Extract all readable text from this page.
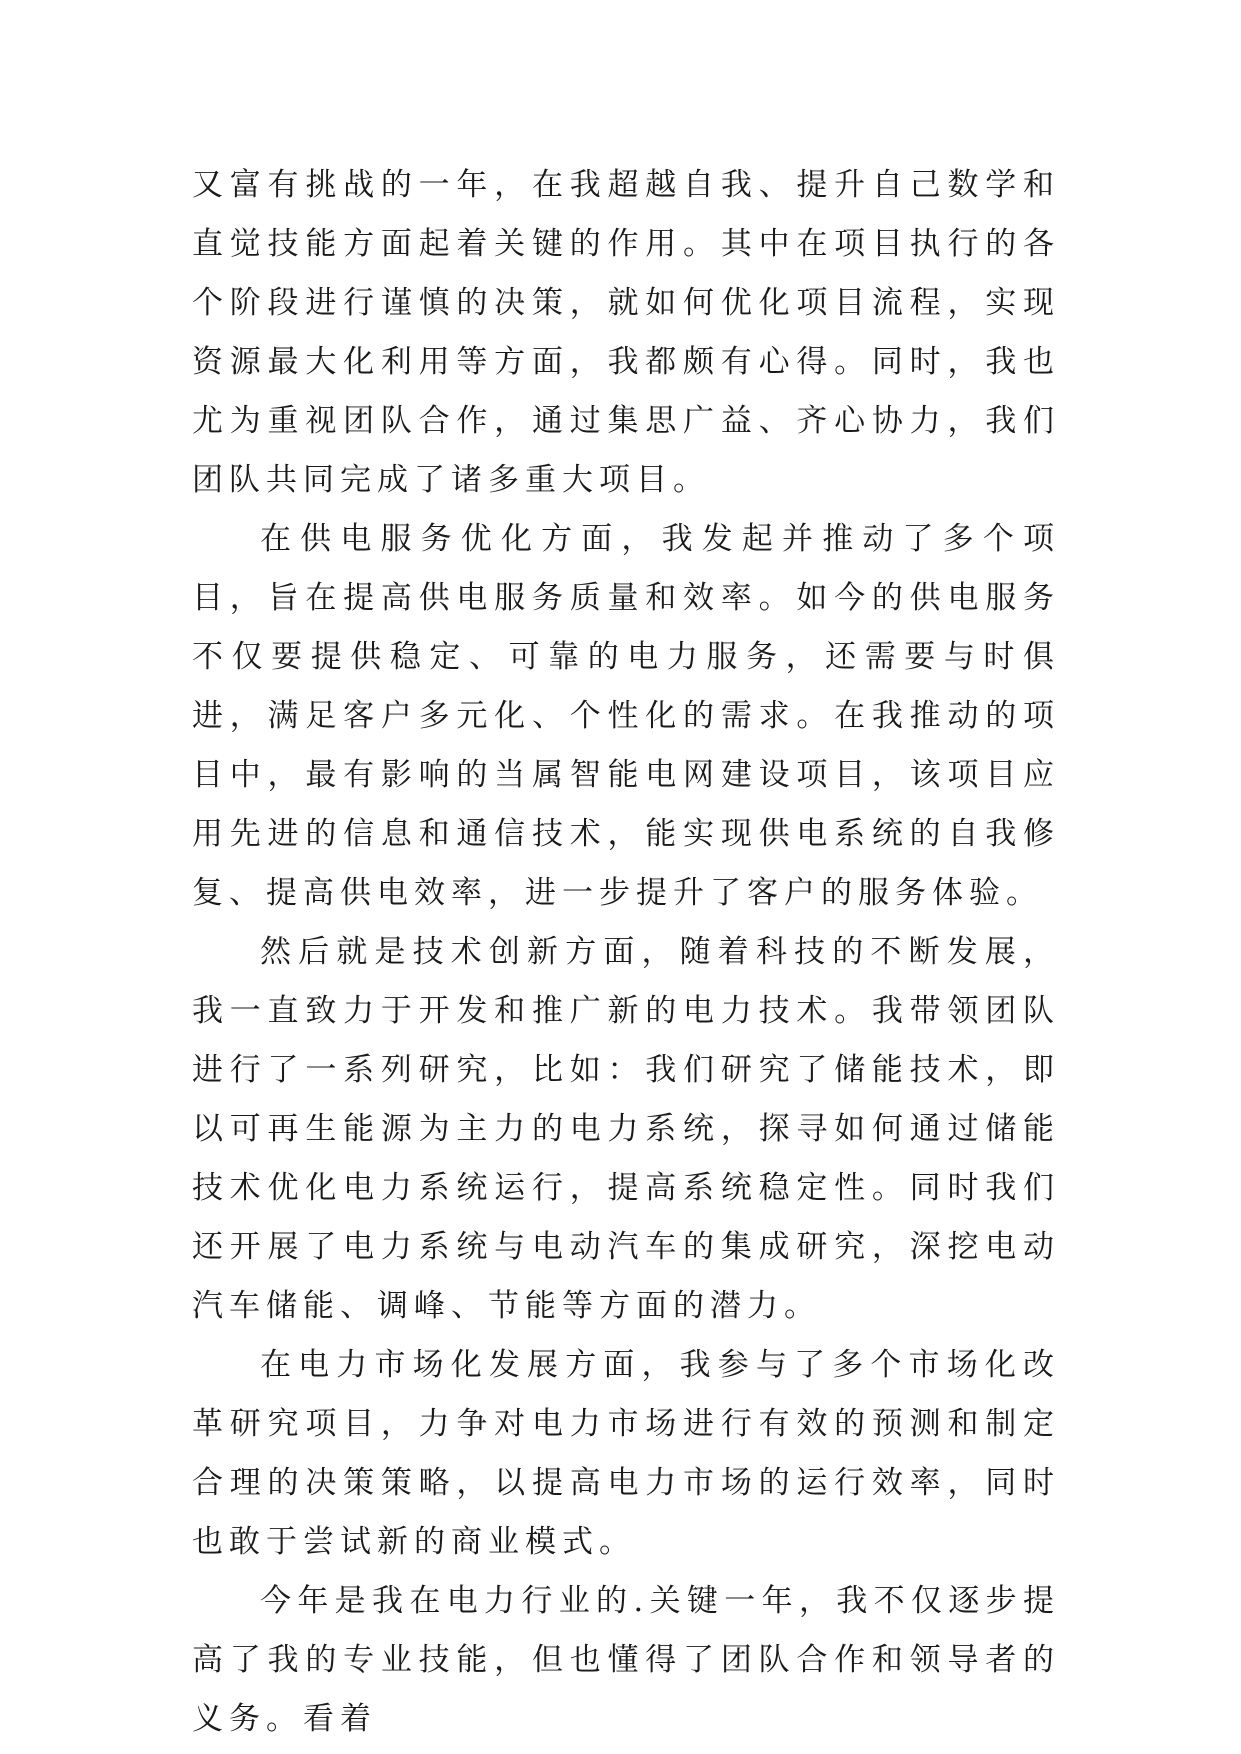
又富有挑战的一年，在我超越自我、提升自己数学和直觉技能方面起着关键的作用。其中在项目执行的各个阶段进行谨慎的决策，就如何优化项目流程，实现资源最大化利用等方面，我都颇有心得。同时，我也尤为重视团队合作，通过集思广益、齐心协力，我们团队共同完成了诸多重大项目。

在供电服务优化方面，我发起并推动了多个项目，旨在提高供电服务质量和效率。如今的供电服务不仅要提供稳定、可靠的电力服务，还需要与时俱进，满足客户多元化、个性化的需求。在我推动的项目中，最有影响的当属智能电网建设项目，该项目应用先进的信息和通信技术，能实现供电系统的自我修复、提高供电效率，进一步提升了客户的服务体验。

然后就是技术创新方面，随着科技的不断发展，我一直致力于开发和推广新的电力技术。我带领团队进行了一系列研究，比如：我们研究了储能技术，即以可再生能源为主力的电力系统，探寻如何通过储能技术优化电力系统运行，提高系统稳定性。同时我们还开展了电力系统与电动汽车的集成研究，深挖电动汽车储能、调峰、节能等方面的潜力。

在电力市场化发展方面，我参与了多个市场化改革研究项目，力争对电力市场进行有效的预测和制定合理的决策策略，以提高电力市场的运行效率，同时也敢于尝试新的商业模式。

今年是我在电力行业的.关键一年，我不仅逐步提高了我的专业技能，但也懂得了团队合作和领导者的义务。看着
